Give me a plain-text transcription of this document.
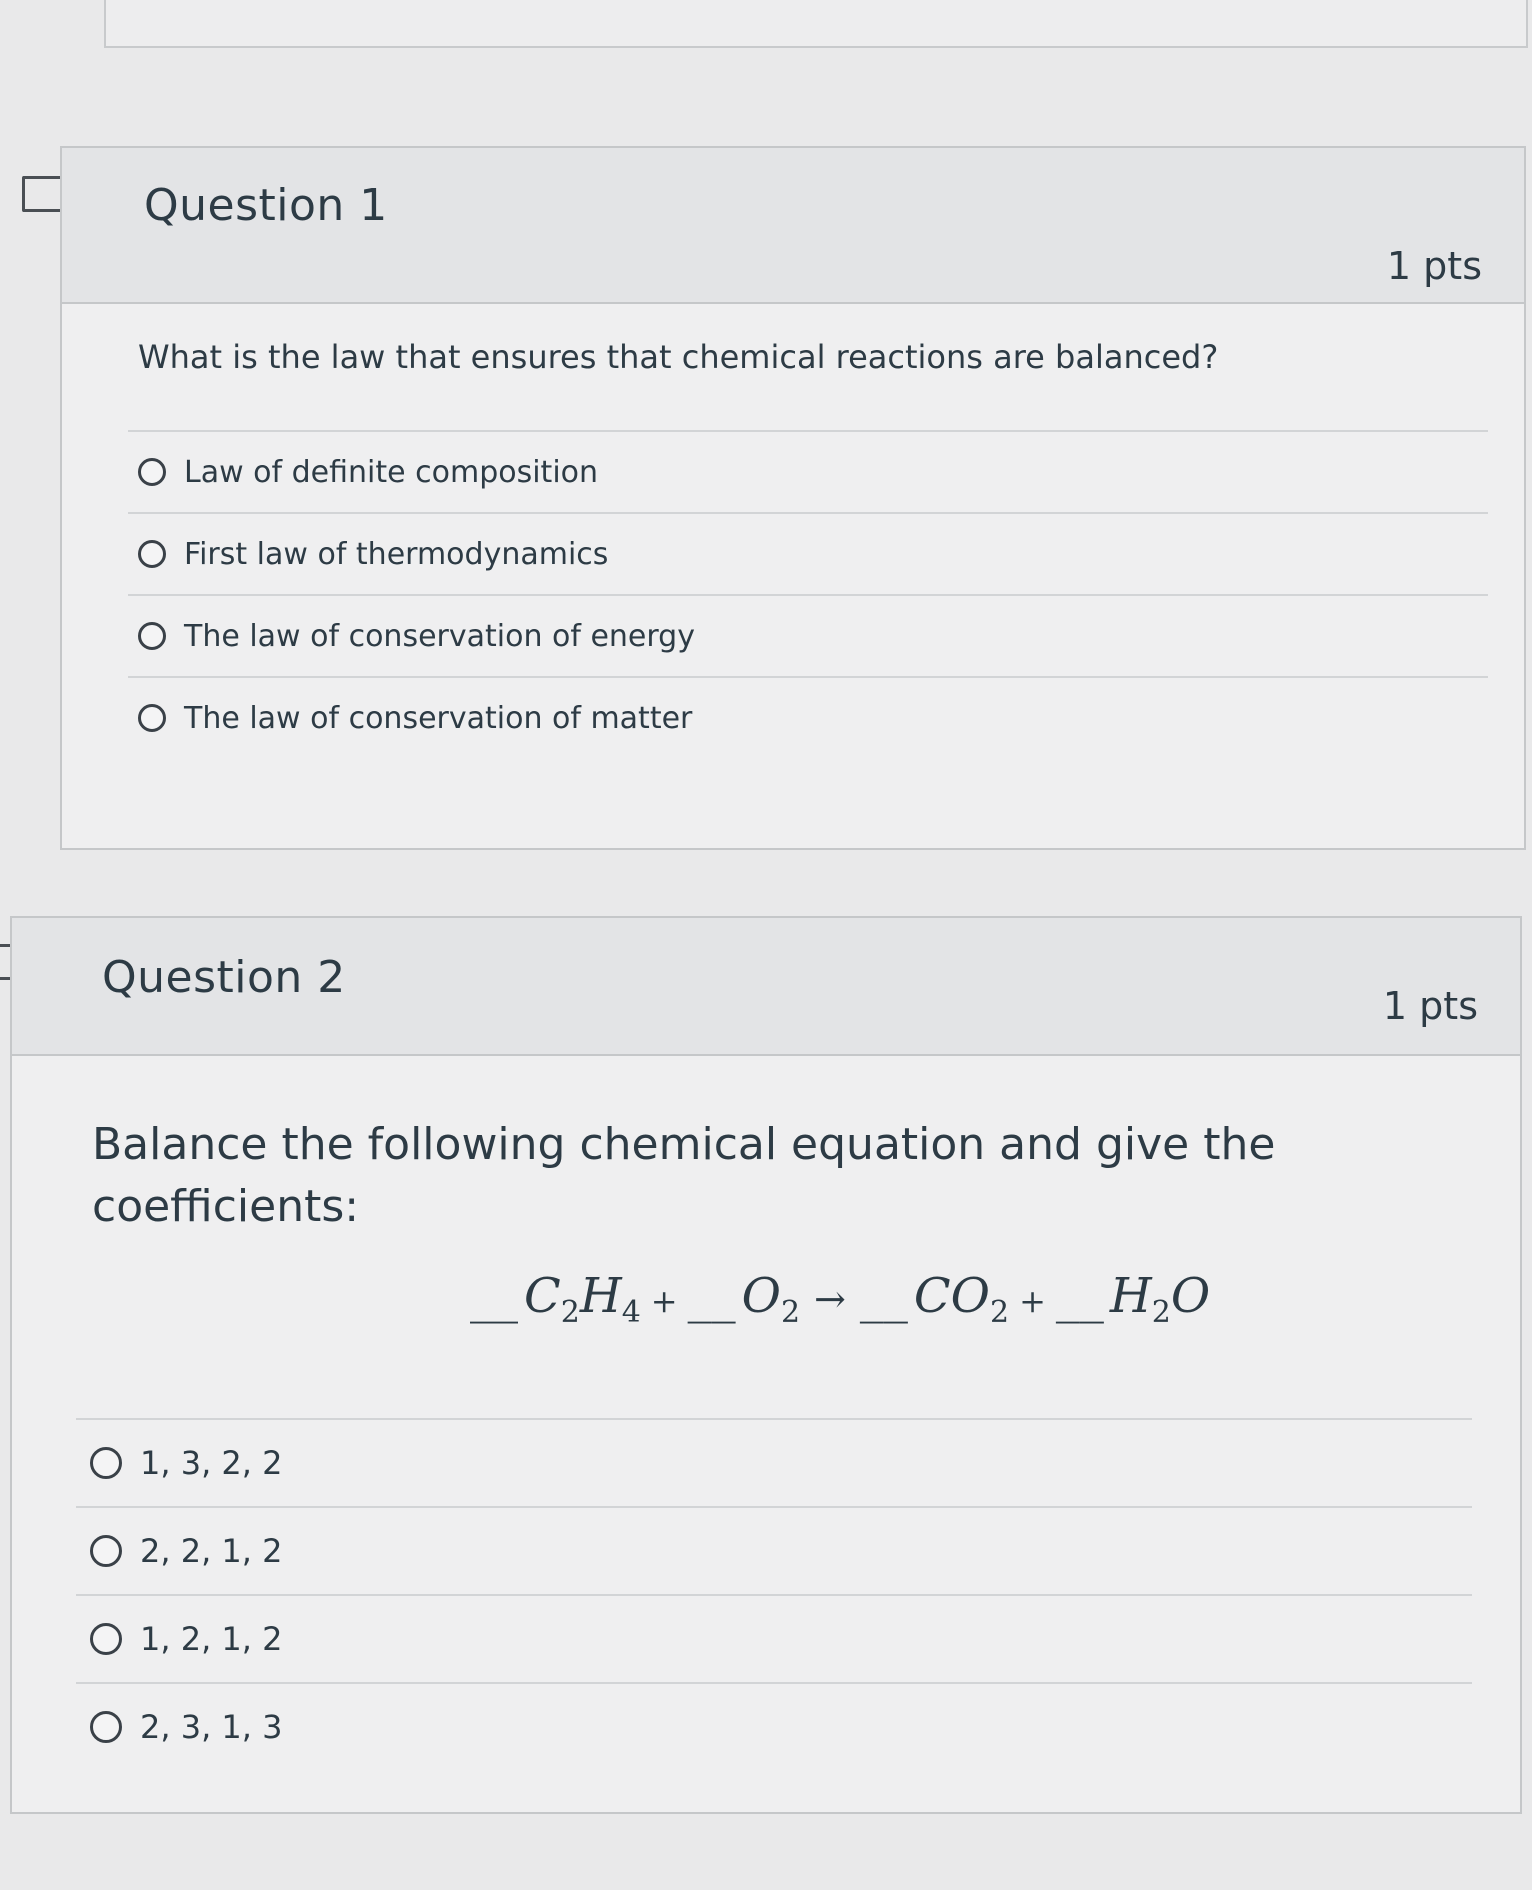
Question 1
1 pts
What is the law that ensures that chemical reactions are balanced?
Law of definite composition
First law of thermodynamics
The law of conservation of energy
The law of conservation of matter
Question 2
1 pts
Balance the following chemical equation and give the coefficients:
__ $C_2H_4$ + __ $O_2$ → __ $CO_2$ + __ $H_2O$
1, 3, 2, 2
2, 2, 1, 2
1, 2, 1, 2
2, 3, 1, 3
